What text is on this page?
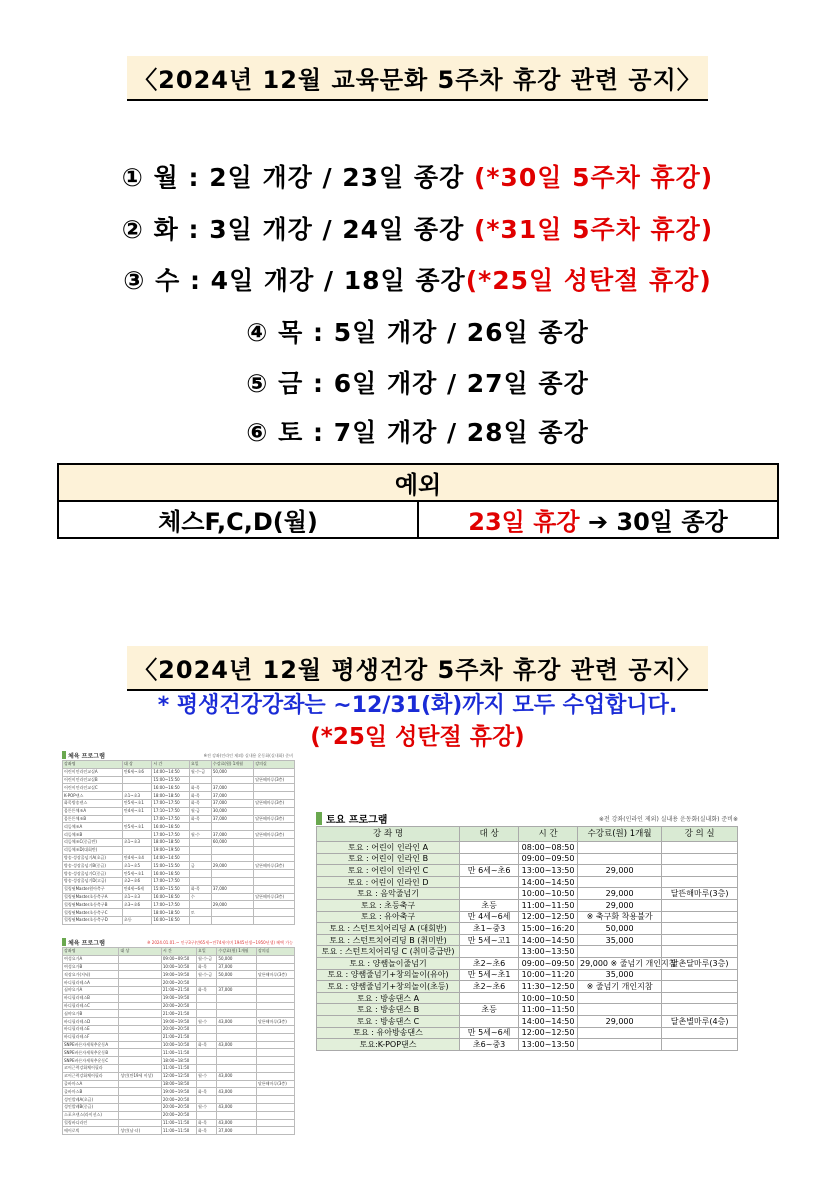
〈2024년 12월 교육문화 5주차 휴강 관련 공지〉
① 월 : 2일 개강 / 23일 종강 (*30일 5주차 휴강)
② 화 : 3일 개강 / 24일 종강 (*31일 5주차 휴강)
③ 수 : 4일 개강 / 18일 종강(*25일 성탄절 휴강)
④ 목 : 5일 개강 / 26일 종강
⑤ 금 : 6일 개강 / 27일 종강
⑥ 토 : 7일 개강 / 28일 종강
예외
체스F,C,D(월)	23일 휴강 ➔ 30일 종강
〈2024년 12월 평생건강 5주차 휴강 관련 공지〉
* 평생건강강좌는 ~12/31(화)까지 모두 수업합니다.
(*25일 성탄절 휴강)
체육 프로그램	※전 강좌(인라인 제외) 실내용 운동화(실내화) 준비
강좌명	대 상	시 간	요일	수강료(원) 1개월	강의실
어린이인라인교실A	만6세~초6	14:00~14:50	월·수·금	50,000	
어린이인라인교실B		15:00~15:50			달뜬해마루(3층)
어린이인라인교실C		16:00~16:50	화·목	37,000	
K-POP댄스	초1~초3	18:00~18:50	화·목	37,000	
화목방송댄스	만5세~초1	17:00~17:50	화·목	37,000	달뜬해마루(3층)
몸튼튼체조A	만4세~초1	17:10~17:50	월·금	30,000	
몸튼튼체조B		17:00~17:50	화·목	37,000	달뜬해마루(3층)
리듬체조A	만5세~초1	16:00~16:50			
리듬체조B		17:00~17:50	월·수	37,000	달뜬해마루(3층)
리듬체조C(중급반)	초1~초3	18:00~18:50		60,000	
리듬체조D(대회반)		19:00~19:50			
방송·성장줄넘기A(초급)	만4세~초4	14:00~14:50			
방송·성장줄넘기B(중급)	초1~초5	15:00~15:50	금	29,000	달뜬해마루(3층)
방송·성장줄넘기C(중급)	만5세~초1	16:00~16:50			
방송·성장줄넘기D(고급)	초2~초6	17:00~17:50			
힐링핏Master원아축구	만4세~6세	15:00~15:50	화·목	37,000	
힐링핏Master초등축구A	초1~초3	16:00~16:50	수		달뜬해마루(3층)
힐링핏Master초등축구B	초3~초6	17:00~17:50		29,000	
힐링핏Master초등축구C		18:00~18:50	토		
힐링핏Master초등축구D	초등	16:00~16:50			
체육 프로그램	※ 2024.01.01.~ 인구3구(만65세~만74세이며 1945년생~1950년생) 혜택 가능
강좌명	대 상	시 간	요일	수강료(원) 1개월	강의실
여성요가A		09:00~09:50	월·수·금	50,000	
여성요가B		10:00~10:50	화·목	37,000	
직장요가(저녁)		19:00~19:50	월·수·금	50,000	달뜬해마루(3층)
바디필라테스A		20:00~20:50			
심야요가A		21:00~21:50	화·목	37,000	
바디필라테스B		19:00~19:50			
바디필라테스C		20:00~20:50			
심야요가B		21:00~21:50			
바디필라테스D		19:00~19:50	월·수	43,000	달뜬해마루(3층)
바디필라테스E		20:00~20:50			
바디필라테스F		21:00~21:50			
SNPE바른자세척추운동A		10:00~10:50	화·목	43,000	
SNPE바른자세척추운동B		11:00~11:50			
SNPE바른자세척추운동C		18:00~18:50			
코어근력강화체어필라		11:00~11:50			
코어근력강화체어필라	성인(만19세 이상)	12:00~12:50	월·수	43,000	
줄바마스A		18:00~18:50			달뜬해마루(3층)
줄바마스B		19:00~19:50	화·목	43,000	
성인발레A(초급)		20:00~20:50			
성인발레B(중급)		20:00~20:50	월·수	43,000	
스포츠댄스(라이선스)		20:00~20:50			
힐링바디라인		11:00~11:50	화·목	43,000	
에어로빅	성인(남·녀)	11:00~11:50	화·목	37,000	
토요 프로그램	※전 강좌(인라인 제외) 실내용 운동화(실내화) 준비※
강 좌 명	대 상	시 간	수강료(원) 1개월	강 의 실
토요 : 어린이 인라인 A		08:00~08:50		
토요 : 어린이 인라인 B		09:00~09:50		
토요 : 어린이 인라인 C	만 6세~초6	13:00~13:50	29,000	
토요 : 어린이 인라인 D		14:00~14:50		
토요 : 음악줄넘기		10:00~10:50	29,000	달뜬해마루(3층)
토요 : 초등축구	초등	11:00~11:50	29,000	
토요 : 유아축구	만 4세~6세	12:00~12:50	※ 축구화 착용불가	
토요 : 스턴트치어리딩 A (대회반)	초1~중3	15:00~16:20	50,000	
토요 : 스턴트치어리딩 B (취미반)	만 5세~고1	14:00~14:50	35,000	
토요 : 스턴트치어리딩 C (취미증급반)		13:00~13:50		
토요 : 양쌤놀이줄넘기	초2~초6	09:00~09:50	29,000 ※ 줄넘기 개인지참	달촌달마루(3층)
토요 : 양쌤줄넘기+창의놀이(유아)	만 5세~초1	10:00~11:20	35,000	
토요 : 양쌤줄넘기+창의놀이(초등)	초2~초6	11:30~12:50	※ 줄넘기 개인지참	
토요 : 방송댄스 A		10:00~10:50		
토요 : 방송댄스 B	초등	11:00~11:50		
토요 : 방송댄스 C		14:00~14:50	29,000	달촌별마루(4층)
토요 : 유아방송댄스	만 5세~6세	12:00~12:50		
토요:K-POP댄스	초6~중3	13:00~13:50		
